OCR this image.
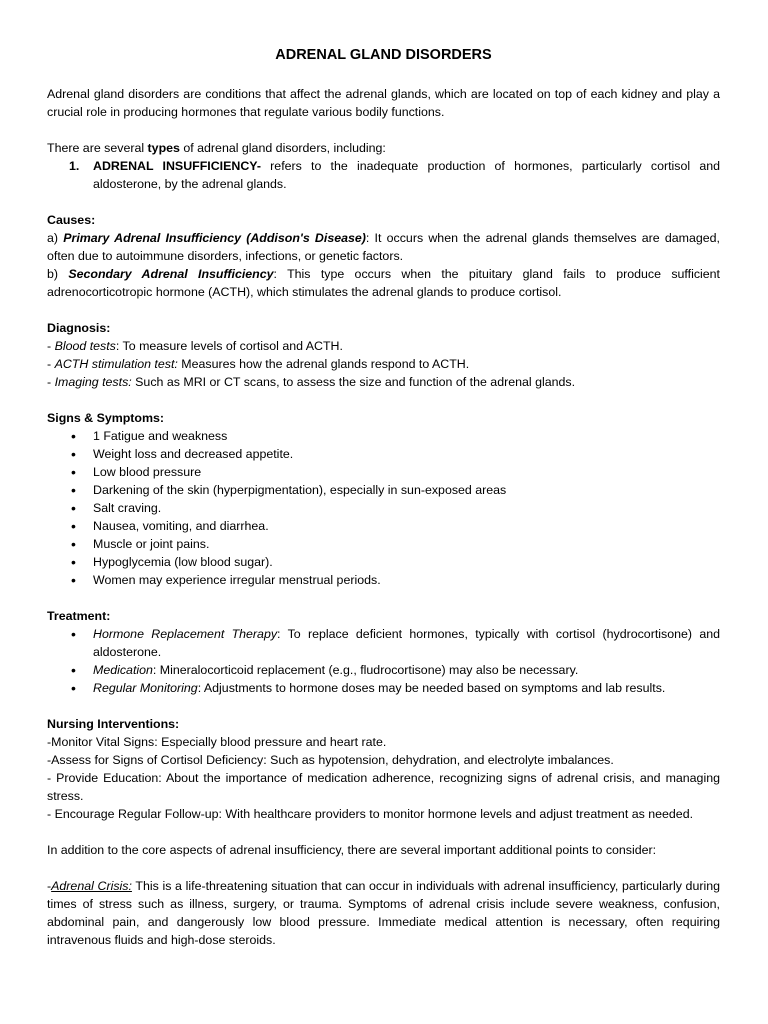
ADRENAL GLAND DISORDERS

Adrenal gland disorders are conditions that affect the adrenal glands, which are located on top of each kidney and play a crucial role in producing hormones that regulate various bodily functions.

There are several types of adrenal gland disorders, including:

1. ADRENAL INSUFFICIENCY- refers to the inadequate production of hormones, particularly cortisol and aldosterone, by the adrenal glands.
Causes:

a) Primary Adrenal Insufficiency (Addison's Disease): It occurs when the adrenal glands themselves are damaged, often due to autoimmune disorders, infections, or genetic factors.

b) Secondary Adrenal Insufficiency: This type occurs when the pituitary gland fails to produce sufficient adrenocorticotropic hormone (ACTH), which stimulates the adrenal glands to produce cortisol.

Diagnosis:

- Blood tests: To measure levels of cortisol and ACTH.

- ACTH stimulation test: Measures how the adrenal glands respond to ACTH.

- Imaging tests: Such as MRI or CT scans, to assess the size and function of the adrenal glands.

Signs & Symptoms:
• 1 Fatigue and weakness
• Weight loss and decreased appetite.
• Low blood pressure
• Darkening of the skin (hyperpigmentation), especially in sun-exposed areas
• Salt craving.
• Nausea, vomiting, and diarrhea.
• Muscle or joint pains.
• Hypoglycemia (low blood sugar).
• Women may experience irregular menstrual periods.
Treatment:
• Hormone Replacement Therapy: To replace deficient hormones, typically with cortisol (hydrocortisone) and aldosterone.
• Medication: Mineralocorticoid replacement (e.g., fludrocortisone) may also be necessary.
• Regular Monitoring: Adjustments to hormone doses may be needed based on symptoms and lab results.
Nursing Interventions:

-Monitor Vital Signs: Especially blood pressure and heart rate.

-Assess for Signs of Cortisol Deficiency: Such as hypotension, dehydration, and electrolyte imbalances.

- Provide Education: About the importance of medication adherence, recognizing signs of adrenal crisis, and managing stress.

- Encourage Regular Follow-up: With healthcare providers to monitor hormone levels and adjust treatment as needed.

In addition to the core aspects of adrenal insufficiency, there are several important additional points to consider:

-Adrenal Crisis: This is a life-threatening situation that can occur in individuals with adrenal insufficiency, particularly during times of stress such as illness, surgery, or trauma. Symptoms of adrenal crisis include severe weakness, confusion, abdominal pain, and dangerously low blood pressure. Immediate medical attention is necessary, often requiring intravenous fluids and high-dose steroids.
